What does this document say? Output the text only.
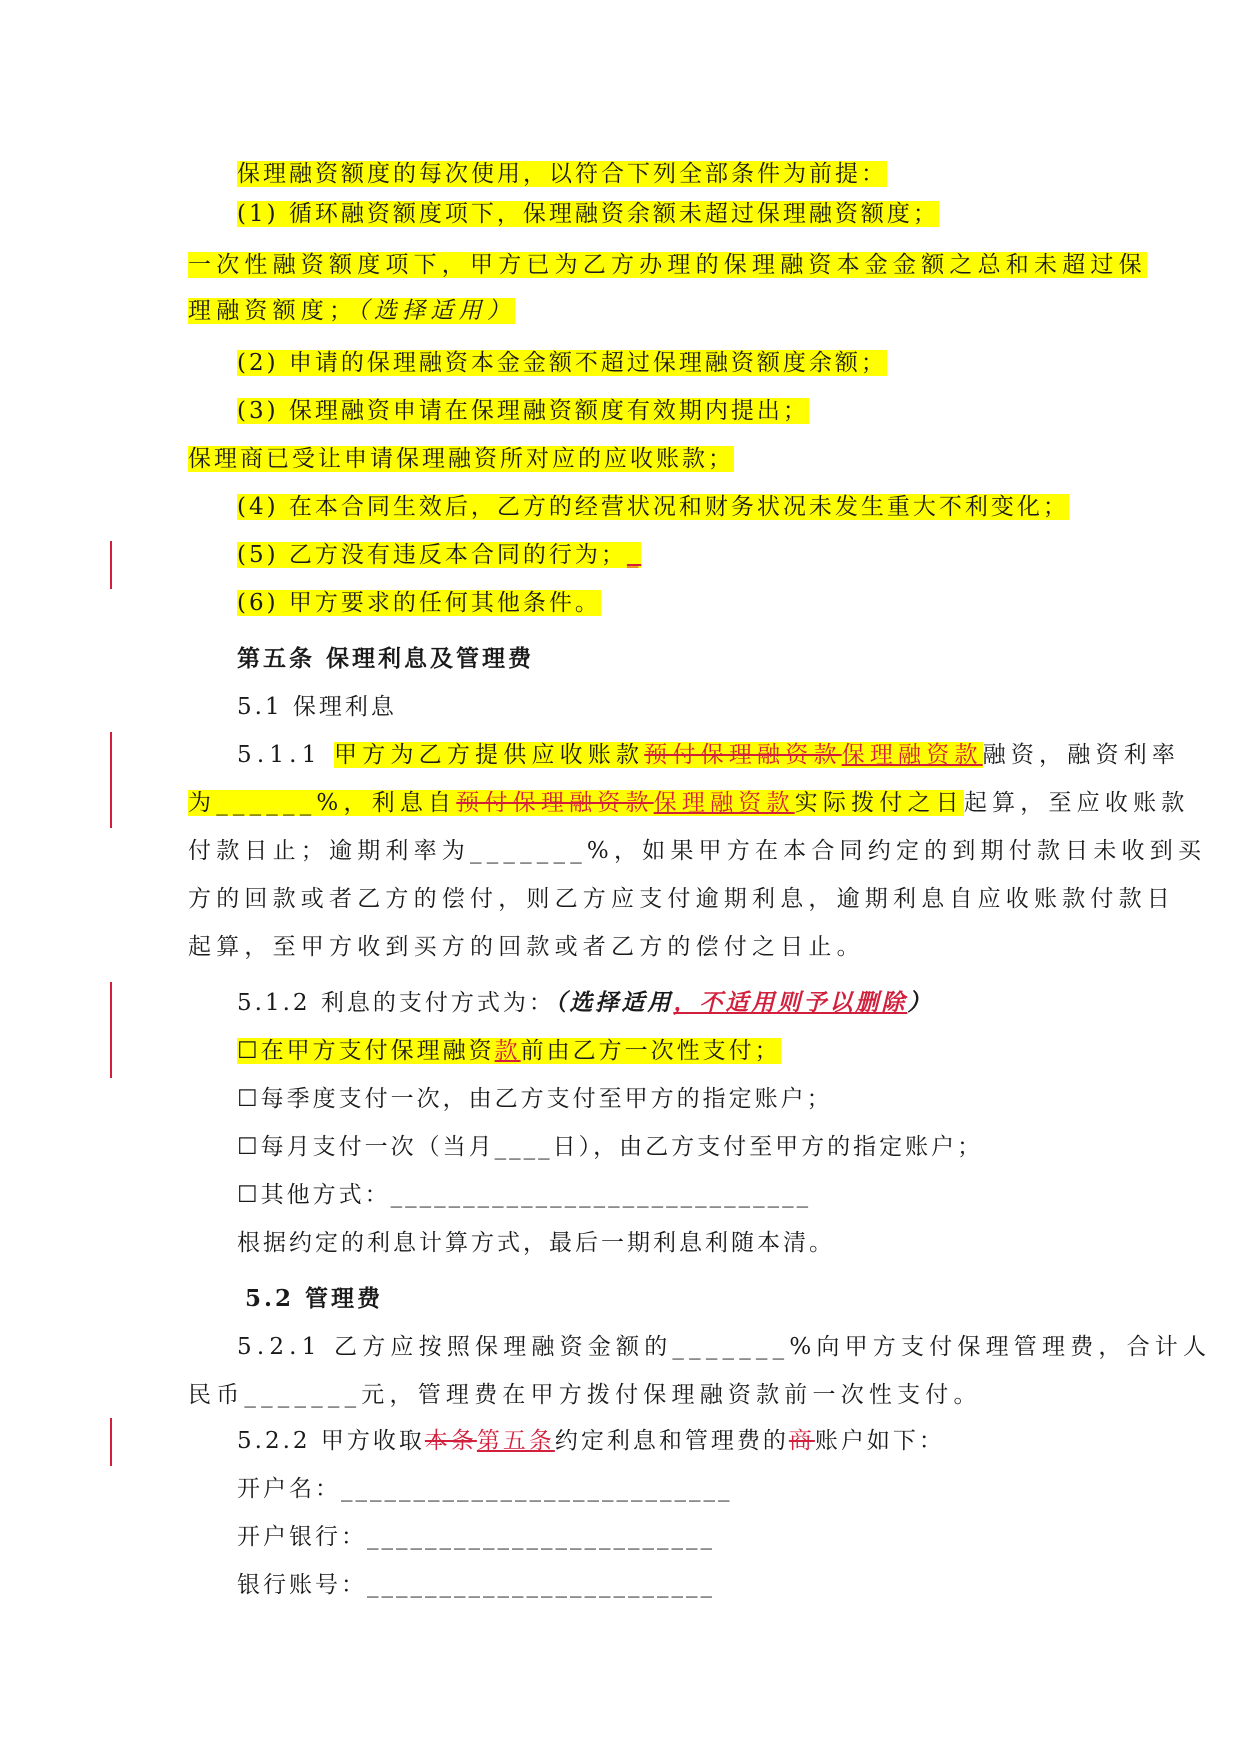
保理融资额度的每次使用，以符合下列全部条件为前提：
(1) 循环融资额度项下，保理融资余额未超过保理融资额度；
一次性融资额度项下，甲方已为乙方办理的保理融资本金金额之总和未超过保
理融资额度；（选择适用）
(2) 申请的保理融资本金金额不超过保理融资额度余额；
(3) 保理融资申请在保理融资额度有效期内提出；
保理商已受让申请保理融资所对应的应收账款；
(4) 在本合同生效后，乙方的经营状况和财务状况未发生重大不利变化；
(5) 乙方没有违反本合同的行为；_
(6) 甲方要求的任何其他条件。
第五条 保理利息及管理费
5.1 保理利息
5.1.1 甲方为乙方提供应收账款预付保理融资款保理融资款融资，融资利率
为______%，利息自预付保理融资款保理融资款实际拨付之日起算，至应收账款
付款日止；逾期利率为_______%，如果甲方在本合同约定的到期付款日未收到买
方的回款或者乙方的偿付，则乙方应支付逾期利息，逾期利息自应收账款付款日
起算，至甲方收到买方的回款或者乙方的偿付之日止。
5.1.2 利息的支付方式为：（选择适用，不适用则予以删除）
☐在甲方支付保理融资款前由乙方一次性支付；
☐每季度支付一次，由乙方支付至甲方的指定账户；
☐每月支付一次（当月____日），由乙方支付至甲方的指定账户；
☐其他方式：_____________________________
根据约定的利息计算方式，最后一期利息利随本清。
5.2 管理费
5.2.1 乙方应按照保理融资金额的_______%向甲方支付保理管理费，合计人
民币_______元，管理费在甲方拨付保理融资款前一次性支付。
5.2.2 甲方收取本条第五条约定利息和管理费的商账户如下：
开户名：___________________________
开户银行：________________________
银行账号：________________________
